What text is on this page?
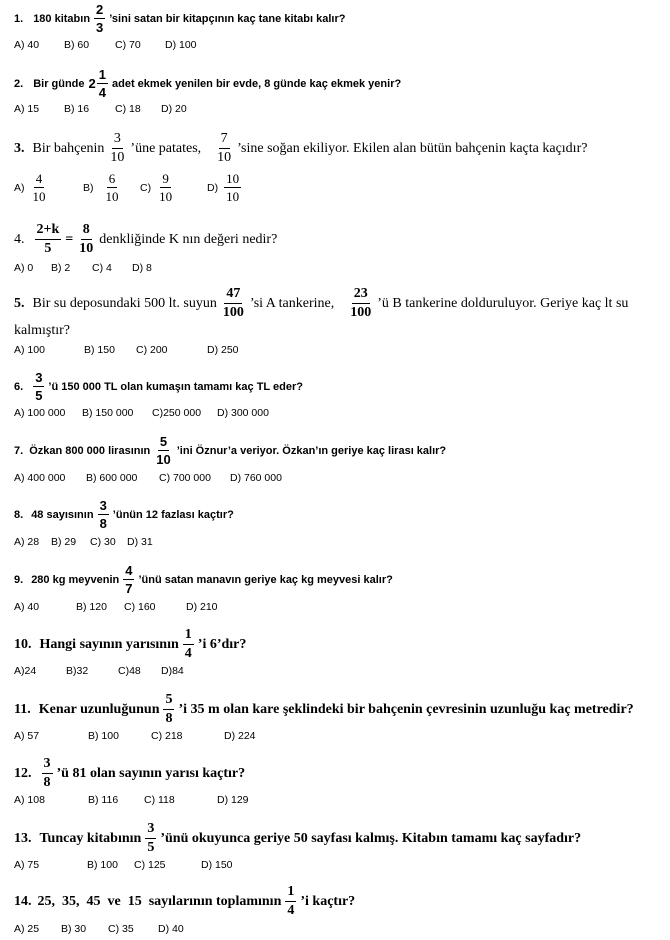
1. 180 kitabın $\frac{2}{3}$ ’sini satan bir kitapçının kaç tane kitabı kalır?
A) 40 B) 60 C) 70 D) 100
2. Bir günde $2 \frac{1}{4}$ adet ekmek yenilen bir evde, 8 günde kaç ekmek yenir?
A) 15 B) 16 C) 18 D) 20
3. Bir bahçenin $\frac{3}{10}$ ’üne patates, $\frac{7}{10}$ ’sine soğan ekiliyor. Ekilen alan bütün bahçenin kaçta kaçıdır?
$A) \frac{4}{10}$	$B) \frac{6}{10} C) \frac{9}{10}$	$D) \frac{10}{10}$
4. $\frac{2+k}{5} = \frac{8}{10}$ denkliğinde K nın değeri nedir?
A) 0 B) 2 C) 4 D) 8
5. Bir su deposundaki 500 lt. suyun $\frac{47}{100}$ ’si A tankerine, $\frac{23}{100}$ ’ü B tankerine dolduruluyor. Geriye kaç lt su
kalmıştır?
A) 100	B) 150 C) 200	D) 250
6. $\frac{3}{5}$ ’ü 150 000 TL olan kumaşın tamamı kaç TL eder?
A) 100 000 B) 150 000 C)250 000 D) 300 000
7. Özkan 800 000 lirasının $\frac{5}{10}$ ’ini Öznur’a veriyor. Özkan’ın geriye kaç lirası kalır?
A) 400 000 B) 600 000 C) 700 000 D) 760 000
8. 48 sayısının $\frac{3}{8}$ ’ünün 12 fazlası kaçtır?
A) 28 B) 29 C) 30 D) 31
9. 280 kg meyvenin $\frac{4}{7}$ ’ünü satan manavın geriye kaç kg meyvesi kalır?
A) 40	B) 120 C) 160	D) 210
10. Hangi sayının yarısının $\frac{1}{4}$ ’i 6’dır?
A)24	B)32	C)48 D)84
11. Kenar uzunluğunun $\frac{5}{8}$ ’i 35 m olan kare şeklindeki bir bahçenin çevresinin uzunluğu kaç metredir?
A) 57	B) 100	C) 218	D) 224
12. $\frac{3}{8}$ ’ü 81 olan sayının yarısı kaçtır?
A) 108	B) 116 C) 118	D) 129
13. Tuncay kitabının $\frac{3}{5}$ ’ünü okuyunca geriye 50 sayfası kalmış. Kitabın tamamı kaç sayfadır?
A) 75	B) 100 C) 125	D) 150
14. 25,  35,  45  ve  15  sayılarının toplamının $\frac{1}{4}$ ’i kaçtır?
A) 25 B) 30 C) 35 D) 40
